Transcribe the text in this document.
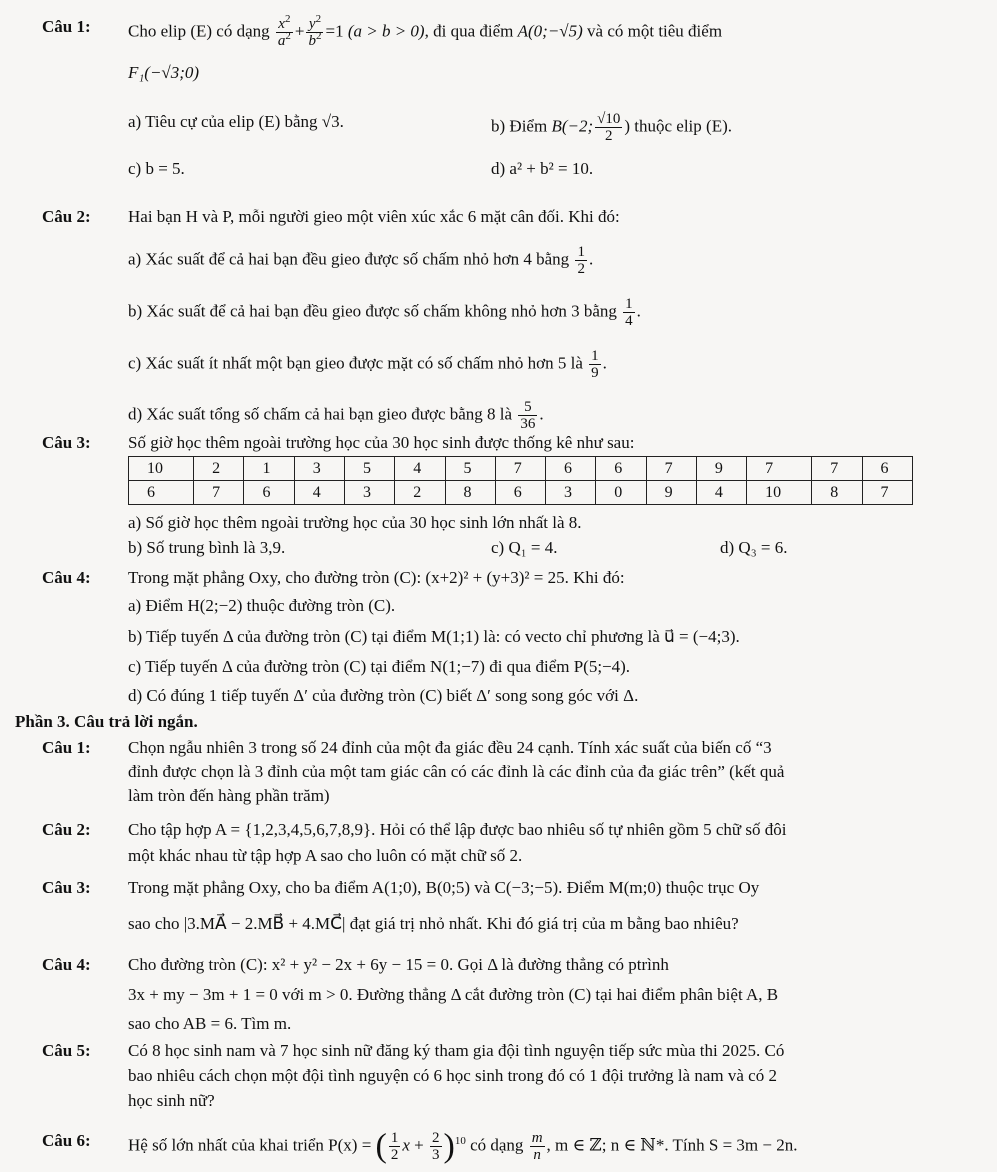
Câu 1: Cho elip (E) có dạng $\frac{x^2}{a^2} + \frac{y^2}{b^2} =1$ (a > b > 0), đi qua điểm A(0;−√5) và có một tiêu điểm
F₁(−√3;0)
a) Tiêu cự của elip (E) bằng √3.	b) Điểm B(−2; $\frac{√10}{2}$ ) thuộc elip (E).
c) b = 5.	d) a² + b² = 10.
Câu 2: Hai bạn H và P, mỗi người gieo một viên xúc xắc 6 mặt cân đối. Khi đó:
a) Xác suất để cả hai bạn đều gieo được số chấm nhỏ hơn 4 bằng $\frac{1}{2}$ .
b) Xác suất để cả hai bạn đều gieo được số chấm không nhỏ hơn 3 bằng $\frac{1}{4}$ .
c) Xác suất ít nhất một bạn gieo được mặt có số chấm nhỏ hơn 5 là $\frac{1}{9}$ .
d) Xác suất tổng số chấm cả hai bạn gieo được bằng 8 là $\frac{5}{36}$ .
Câu 3: Số giờ học thêm ngoài trường học của 30 học sinh được thống kê như sau:
10	2	1	3	5	4	5	7	6	6	7	9	7	7	6
6	7	6	4	3	2	8	6	3	0	9	4	10	8	7
a) Số giờ học thêm ngoài trường học của 30 học sinh lớn nhất là 8.
b) Số trung bình là 3,9.	c) Q₁ = 4.	d) Q₃ = 6.
Câu 4: Trong mặt phẳng Oxy, cho đường tròn (C): (x+2)² + (y+3)² = 25. Khi đó:
a) Điểm H(2;−2) thuộc đường tròn (C).
b) Tiếp tuyến Δ của đường tròn (C) tại điểm M(1;1) là: có vecto chỉ phương là u⃗ = (−4;3).
c) Tiếp tuyến Δ của đường tròn (C) tại điểm N(1;−7) đi qua điểm P(5;−4).
d) Có đúng 1 tiếp tuyến Δ′ của đường tròn (C) biết Δ′ song song góc với Δ.
Phần 3. Câu trả lời ngắn.
Câu 1: Chọn ngẫu nhiên 3 trong số 24 đỉnh của một đa giác đều 24 cạnh. Tính xác suất của biến cố “3
đỉnh được chọn là 3 đỉnh của một tam giác cân có các đỉnh là các đỉnh của đa giác trên” (kết quả
làm tròn đến hàng phần trăm)
Câu 2: Cho tập hợp A = {1,2,3,4,5,6,7,8,9}. Hỏi có thể lập được bao nhiêu số tự nhiên gồm 5 chữ số đôi
một khác nhau từ tập hợp A sao cho luôn có mặt chữ số 2.
Câu 3: Trong mặt phẳng Oxy, cho ba điểm A(1;0), B(0;5) và C(−3;−5). Điểm M(m;0) thuộc trục Oy
sao cho |3.MA⃗ − 2.MB⃗ + 4.MC⃗| đạt giá trị nhỏ nhất. Khi đó giá trị của m bằng bao nhiêu?
Câu 4: Cho đường tròn (C): x² + y² − 2x + 6y − 15 = 0. Gọi Δ là đường thẳng có ptrình
3x + my − 3m + 1 = 0 với m > 0. Đường thẳng Δ cắt đường tròn (C) tại hai điểm phân biệt A, B
sao cho AB = 6. Tìm m.
Câu 5: Có 8 học sinh nam và 7 học sinh nữ đăng ký tham gia đội tình nguyện tiếp sức mùa thi 2025. Có
bao nhiêu cách chọn một đội tình nguyện có 6 học sinh trong đó có 1 đội trưởng là nam và có 2
học sinh nữ?
Câu 6: Hệ số lớn nhất của khai triển P(x) = ( $\frac{1}{2}$ $x + \frac{2}{3} )^{10}$ có dạng $\frac{m}{n}$ , m ∈ ℤ; n ∈ ℕ*. Tính S = 3m − 2n.
